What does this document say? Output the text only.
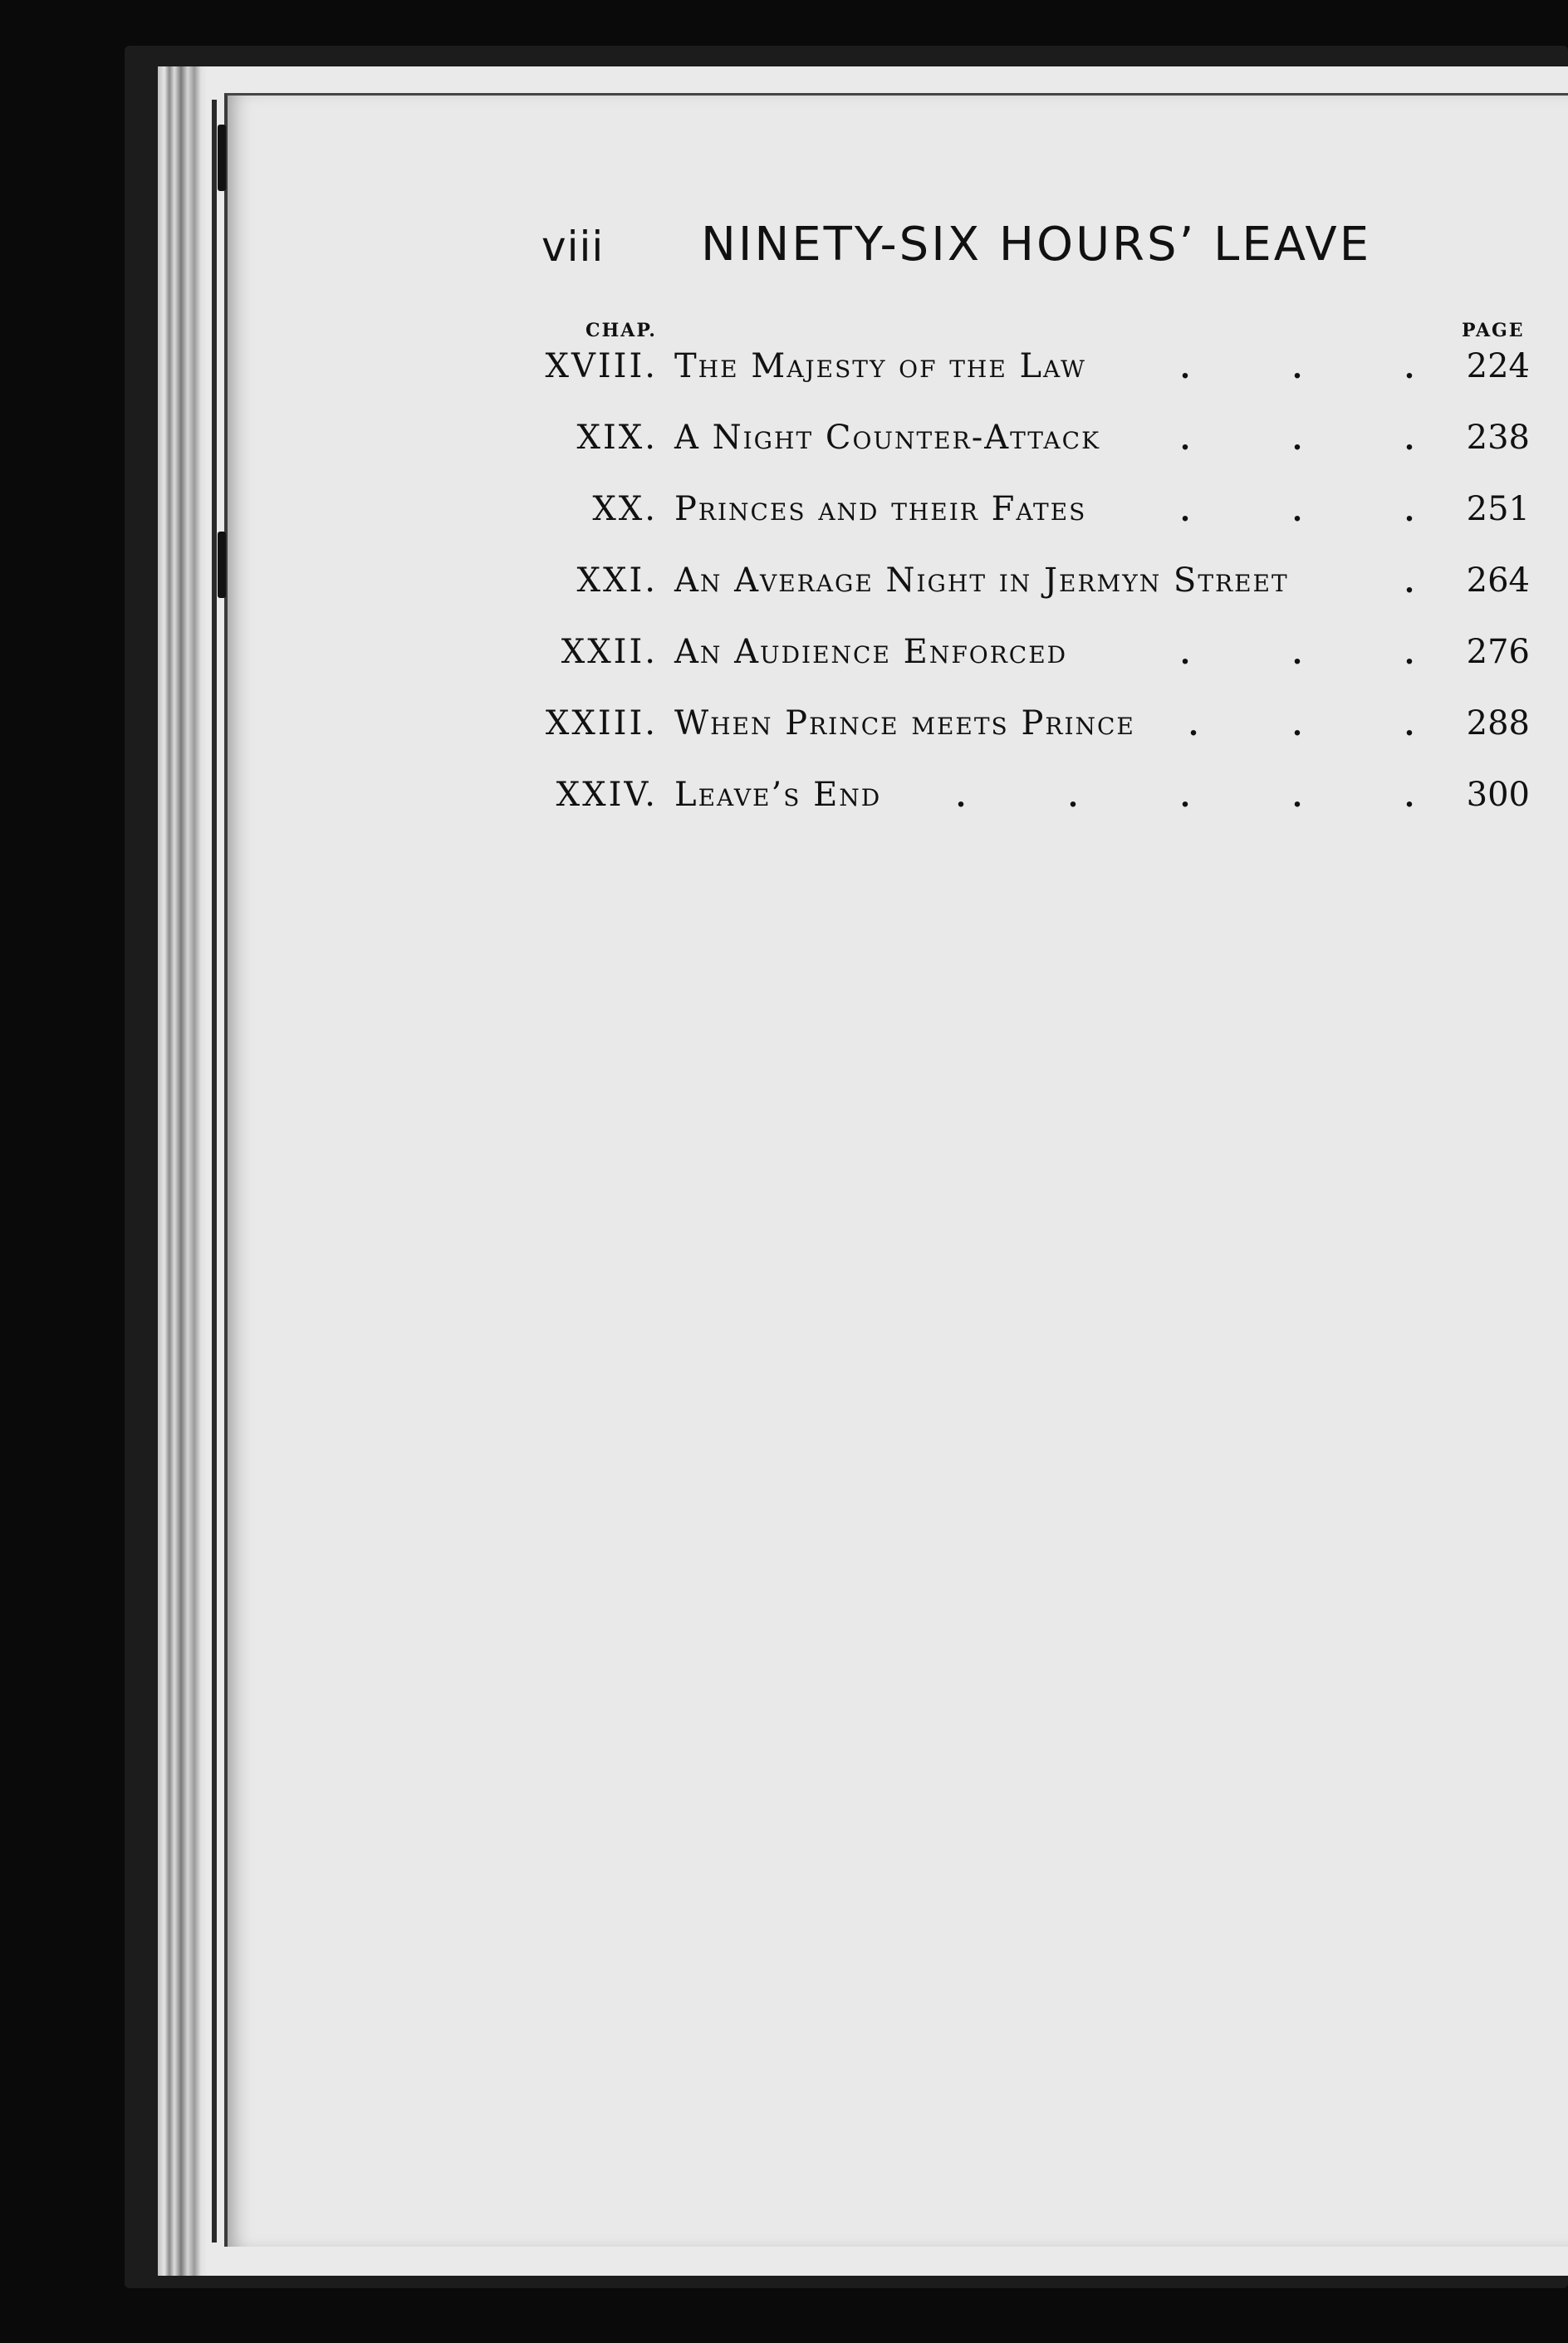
viii NINETY-SIX HOURS’ LEAVE
CHAP.	PAGE
XVIII. The Majesty of the Law	.	.	. 224
XIX. A Night Counter-Attack .	.	. 238
XX. Princes and their Fates	.	.	. 251
XXI. An Average Night in Jermyn Street	. 264
XXII. An Audience Enforced	.	.	. 276
XXIII. When Prince meets Prince .	.	. 288
XXIV. Leave’s End .	.	.	.	. 300
